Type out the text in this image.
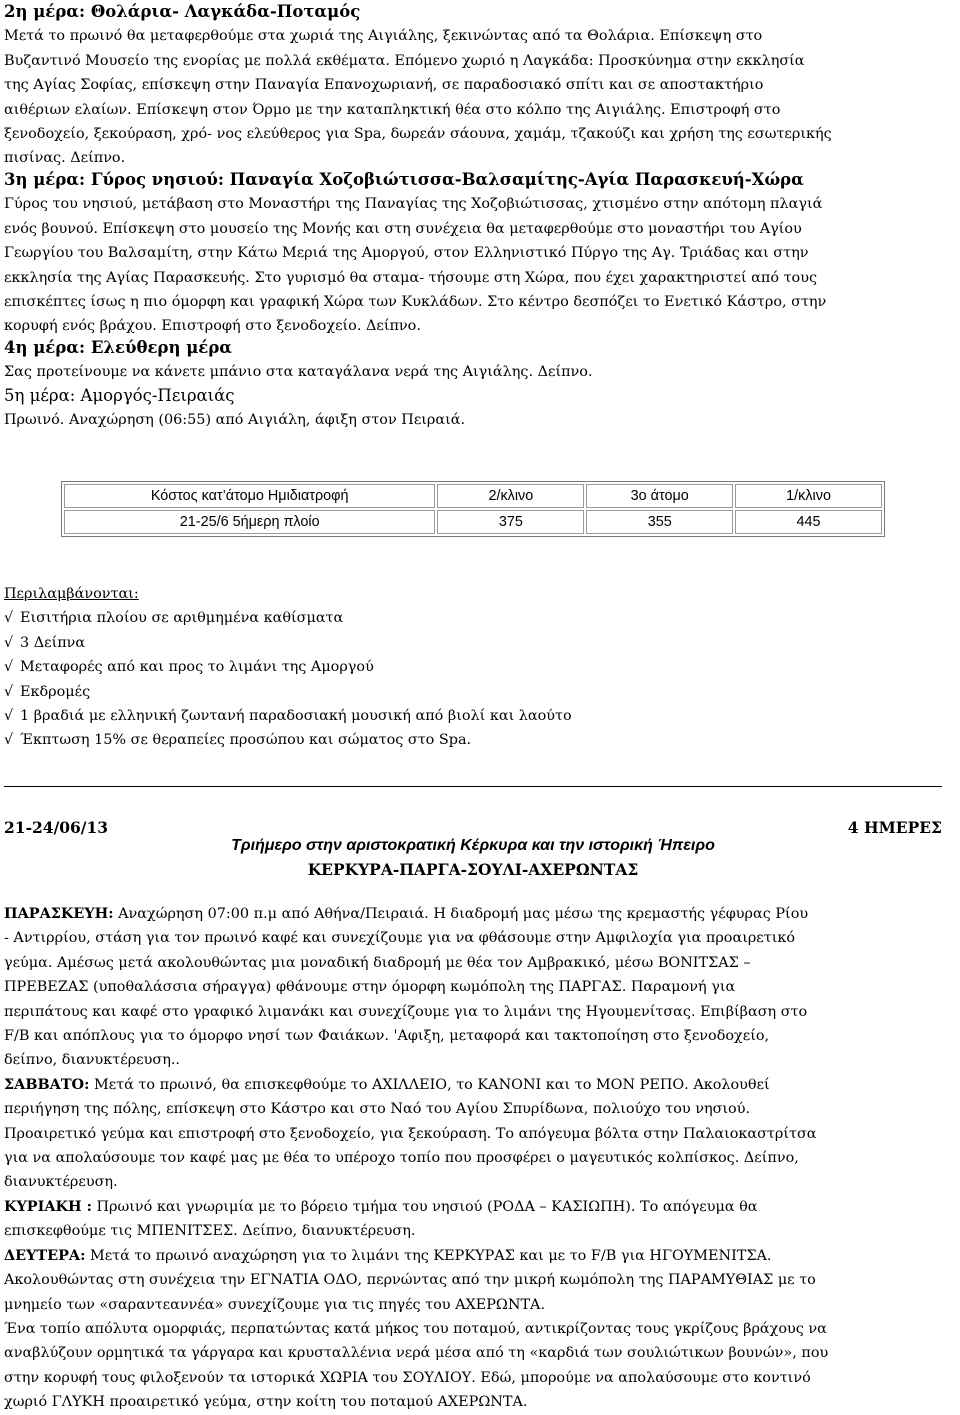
2η μέρα: Θολάρια- Λαγκάδα-Ποταμός

Μετά το πρωινό θα μεταφερθούμε στα χωριά της Αιγιάλης, ξεκινώντας από τα Θολάρια. Επίσκεψη στο

Βυζαντινό Μουσείο της ενορίας με πολλά εκθέματα. Επόμενο χωριό η Λαγκάδα: Προσκύνημα στην εκκλησία

της Αγίας Σοφίας, επίσκεψη στην Παναγία Επανοχωριανή, σε παραδοσιακό σπίτι και σε αποστακτήριο

αιθέριων ελαίων. Επίσκεψη στον Όρμο με την καταπληκτική θέα στο κόλπο της Αιγιάλης. Επιστροφή στο

ξενοδοχείο, ξεκούραση, χρό- νος ελεύθερος για Spa, δωρεάν σάουνα, χαμάμ, τζακούζι και χρήση της εσωτερικής

πισίνας. Δείπνο.

3η μέρα: Γύρος νησιού: Παναγία Χοζοβιώτισσα-Βαλσαμίτης-Αγία Παρασκευή-Χώρα

Γύρος του νησιού, μετάβαση στο Μοναστήρι της Παναγίας της Χοζοβιώτισσας, χτισμένο στην απότομη πλαγιά

ενός βουνού. Επίσκεψη στο μουσείο της Μονής και στη συνέχεια θα μεταφερθούμε στο μοναστήρι του Αγίου

Γεωργίου του Βαλσαμίτη, στην Κάτω Μεριά της Αμοργού, στον Ελληνιστικό Πύργο της Αγ. Τριάδας και στην

εκκλησία της Αγίας Παρασκευής. Στο γυρισμό θα σταμα- τήσουμε στη Χώρα, που έχει χαρακτηριστεί από τους

επισκέπτες ίσως η πιο όμορφη και γραφική Χώρα των Κυκλάδων. Στο κέντρο δεσπόζει το Ενετικό Κάστρο, στην

κορυφή ενός βράχου. Επιστροφή στο ξενοδοχείο. Δείπνο.

4η μέρα: Ελεύθερη μέρα

Σας προτείνουμε να κάνετε μπάνιο στα καταγάλανα νερά της Αιγιάλης. Δείπνο.

5η μέρα: Αμοργός-Πειραιάς

Πρωινό. Αναχώρηση (06:55) από Αιγιάλη, άφιξη στον Πειραιά.

Κόστος κατ’άτομο Ημιδιατροφή	2/κλινο	3ο άτομο	1/κλινο
21-25/6 5ήμερη πλοίο	375	355	445

Περιλαμβάνονται:

√ Εισιτήρια πλοίου σε αριθμημένα καθίσματα

√ 3 Δείπνα

√ Μεταφορές από και προς το λιμάνι της Αμοργού

√ Εκδρομές

√ 1 βραδιά με ελληνική ζωντανή παραδοσιακή μουσική από βιολί και λαούτο

√ Έκπτωση 15% σε θεραπείες προσώπου και σώματος στο Spa.

21-24/06/13	4 ΗΜΕΡΕΣ
Τριήμερο στην αριστοκρατική Κέρκυρα και την ιστορική Ήπειρο
ΚΕΡΚΥΡΑ-ΠΑΡΓΑ-ΣΟΥΛΙ-ΑΧΕΡΩΝΤΑΣ

ΠΑΡΑΣΚΕΥΗ: Αναχώρηση 07:00 π.μ από Αθήνα/Πειραιά. Η διαδρομή μας μέσω της κρεμαστής γέφυρας Ρίου

- Αντιρρίου, στάση για τον πρωινό καφέ και συνεχίζουμε για να φθάσουμε στην Αμφιλοχία για προαιρετικό

γεύμα. Αμέσως μετά ακολουθώντας μια μοναδική διαδρομή με θέα τον Αμβρακικό, μέσω ΒΟΝΙΤΣΑΣ –

ΠΡΕΒΕΖΑΣ (υποθαλάσσια σήραγγα) φθάνουμε στην όμορφη κωμόπολη της ΠΑΡΓΑΣ. Παραμονή για

περιπάτους και καφέ στο γραφικό λιμανάκι και συνεχίζουμε για το λιμάνι της Ηγουμενίτσας. Επιβίβαση στο

F/B και απόπλους για το όμορφο νησί των Φαιάκων. 'Αφιξη, μεταφορά και τακτοποίηση στο ξενοδοχείο,

δείπνο, διανυκτέρευση..

ΣΑΒΒΑΤΟ: Μετά το πρωινό, θα επισκεφθούμε το ΑΧΙΛΛΕΙΟ, το ΚΑΝΟΝΙ και το ΜΟΝ ΡΕΠΟ. Ακολουθεί

περιήγηση της πόλης, επίσκεψη στο Κάστρο και στο Ναό του Αγίου Σπυρίδωνα, πολιούχο του νησιού.

Προαιρετικό γεύμα και επιστροφή στο ξενοδοχείο, για ξεκούραση. Το απόγευμα βόλτα στην Παλαιοκαστρίτσα

για να απολαύσουμε τον καφέ μας με θέα το υπέροχο τοπίο που προσφέρει ο μαγευτικός κολπίσκος. Δείπνο,

διανυκτέρευση.

ΚΥΡΙΑΚΗ : Πρωινό και γνωριμία με το βόρειο τμήμα του νησιού (ΡΟΔΑ – ΚΑΣΙΩΠΗ). Το απόγευμα θα

επισκεφθούμε τις ΜΠΕΝΙΤΣΕΣ. Δείπνο, διανυκτέρευση.

ΔΕΥΤΕΡΑ: Μετά το πρωινό αναχώρηση για το λιμάνι της ΚΕΡΚΥΡΑΣ και με το F/B για ΗΓΟΥΜΕΝΙΤΣΑ.

Ακολουθώντας στη συνέχεια την ΕΓΝΑΤΙΑ ΟΔΟ, περνώντας από την μικρή κωμόπολη της ΠΑΡΑΜΥΘΙΑΣ με το

μνημείο των «σαραντεαννέα» συνεχίζουμε για τις πηγές του ΑΧΕΡΩΝΤΑ.

Ένα τοπίο απόλυτα ομορφιάς, περπατώντας κατά μήκος του ποταμού, αντικρίζοντας τους γκρίζους βράχους να

αναβλύζουν ορμητικά τα γάργαρα και κρυσταλλένια νερά μέσα από τη «καρδιά των σουλιώτικων βουνών», που

στην κορυφή τους φιλοξενούν τα ιστορικά ΧΩΡΙΑ του ΣΟΥΛΙΟΥ. Εδώ, μπορούμε να απολαύσουμε στο κοντινό

χωριό ΓΛΥΚΗ προαιρετικό γεύμα, στην κοίτη του ποταμού ΑΧΕΡΩΝΤΑ.
